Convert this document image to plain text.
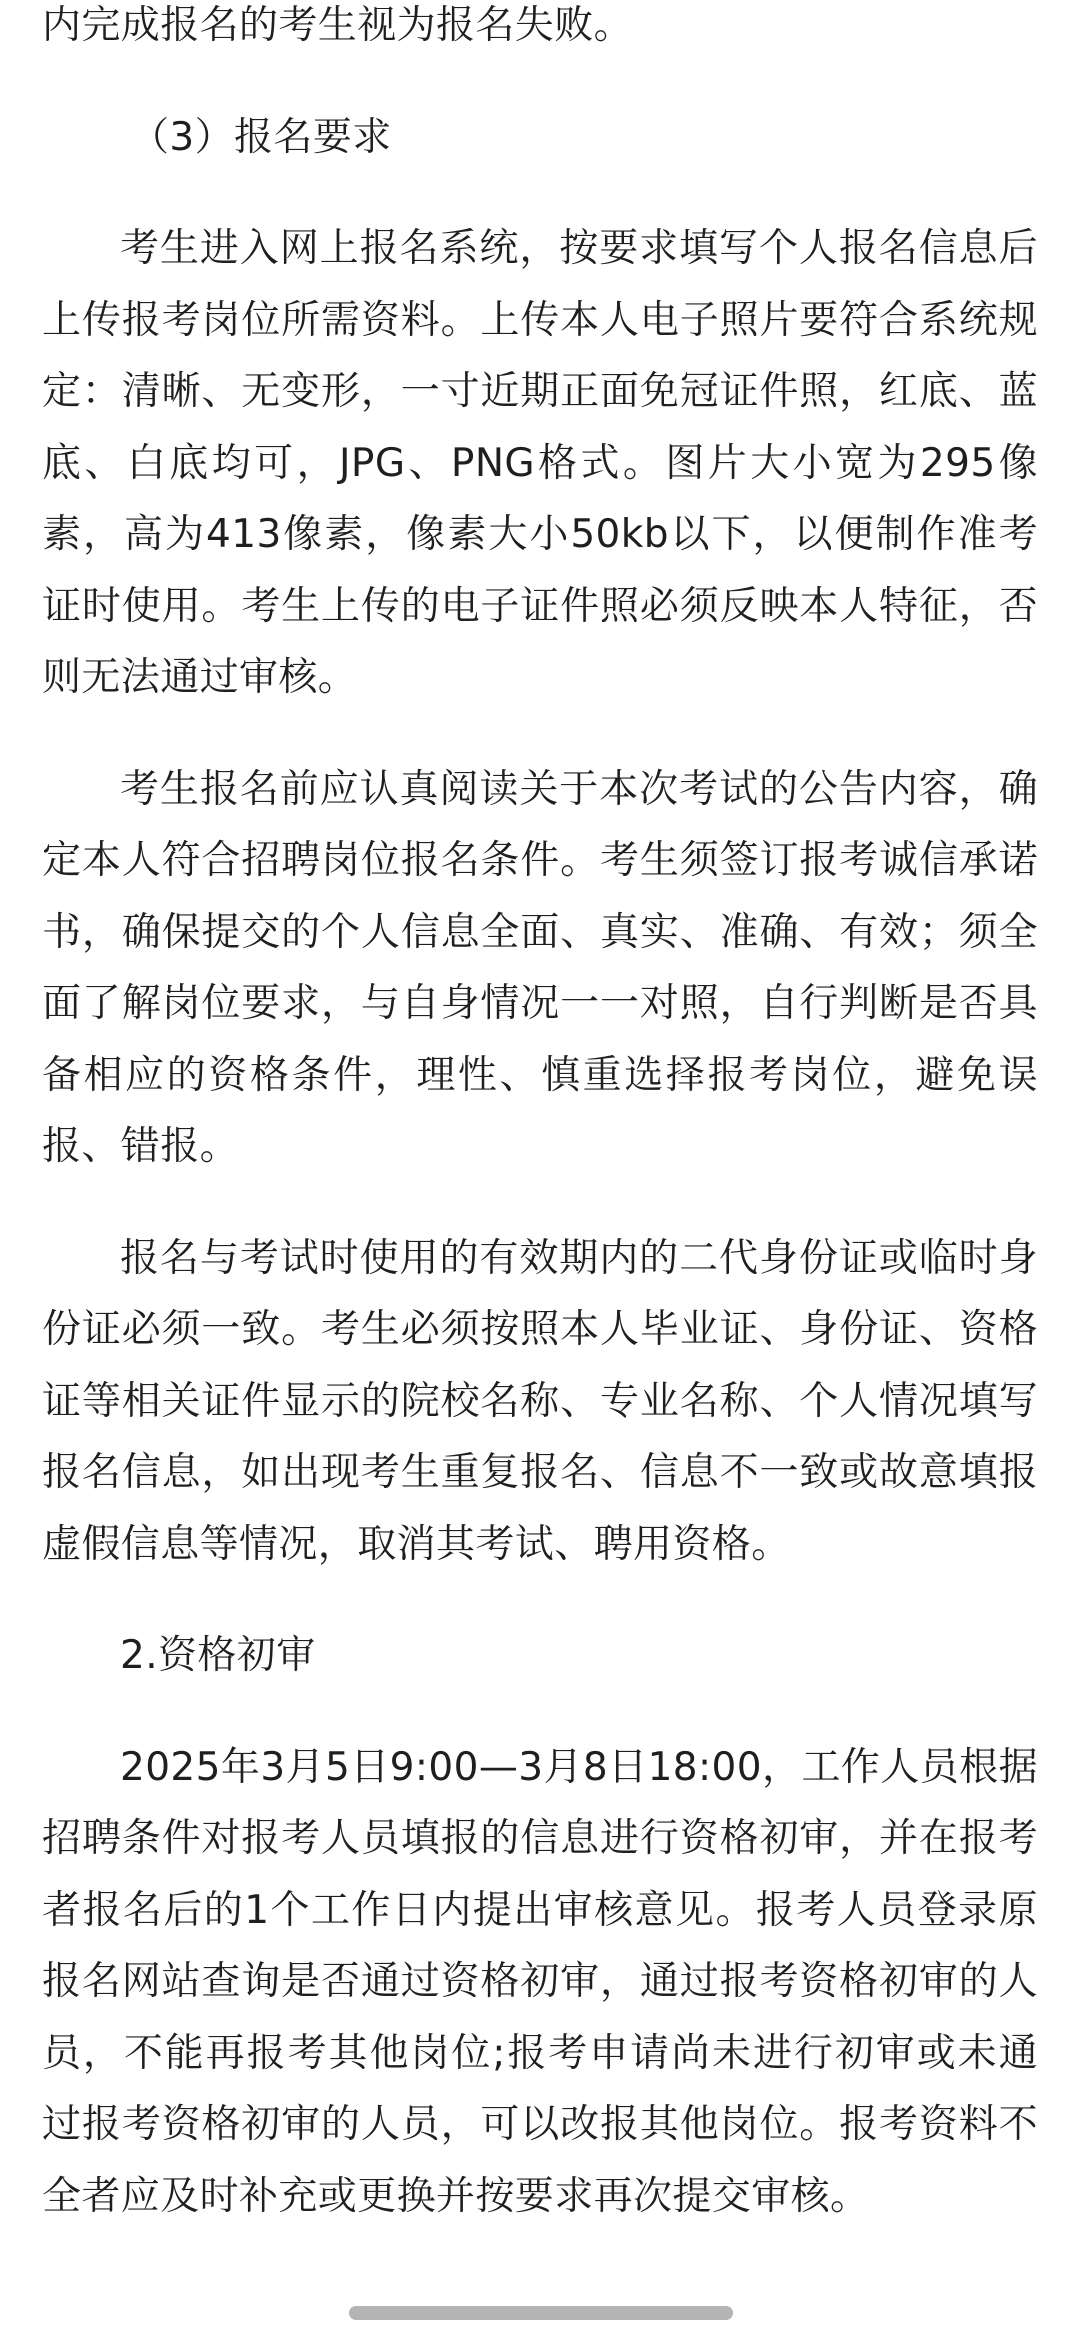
内完成报名的考生视为报名失败。

（3）报名要求

考生进入网上报名系统，按要求填写个人报名信息后上传报考岗位所需资料。上传本人电子照片要符合系统规定：清晰、无变形，一寸近期正面免冠证件照，红底、蓝底、白底均可，JPG、PNG格式。图片大小宽为295像素，高为413像素，像素大小50kb以下，以便制作准考证时使用。考生上传的电子证件照必须反映本人特征，否则无法通过审核。

考生报名前应认真阅读关于本次考试的公告内容，确定本人符合招聘岗位报名条件。考生须签订报考诚信承诺书，确保提交的个人信息全面、真实、准确、有效；须全面了解岗位要求，与自身情况一一对照，自行判断是否具备相应的资格条件，理性、慎重选择报考岗位，避免误报、错报。

报名与考试时使用的有效期内的二代身份证或临时身份证必须一致。考生必须按照本人毕业证、身份证、资格证等相关证件显示的院校名称、专业名称、个人情况填写报名信息，如出现考生重复报名、信息不一致或故意填报虚假信息等情况，取消其考试、聘用资格。

2.资格初审

2025年3月5日9:00—3月8日18:00，工作人员根据招聘条件对报考人员填报的信息进行资格初审，并在报考者报名后的1个工作日内提出审核意见。报考人员登录原报名网站查询是否通过资格初审，通过报考资格初审的人员，不能再报考其他岗位;报考申请尚未进行初审或未通过报考资格初审的人员，可以改报其他岗位。报考资料不全者应及时补充或更换并按要求再次提交审核。
